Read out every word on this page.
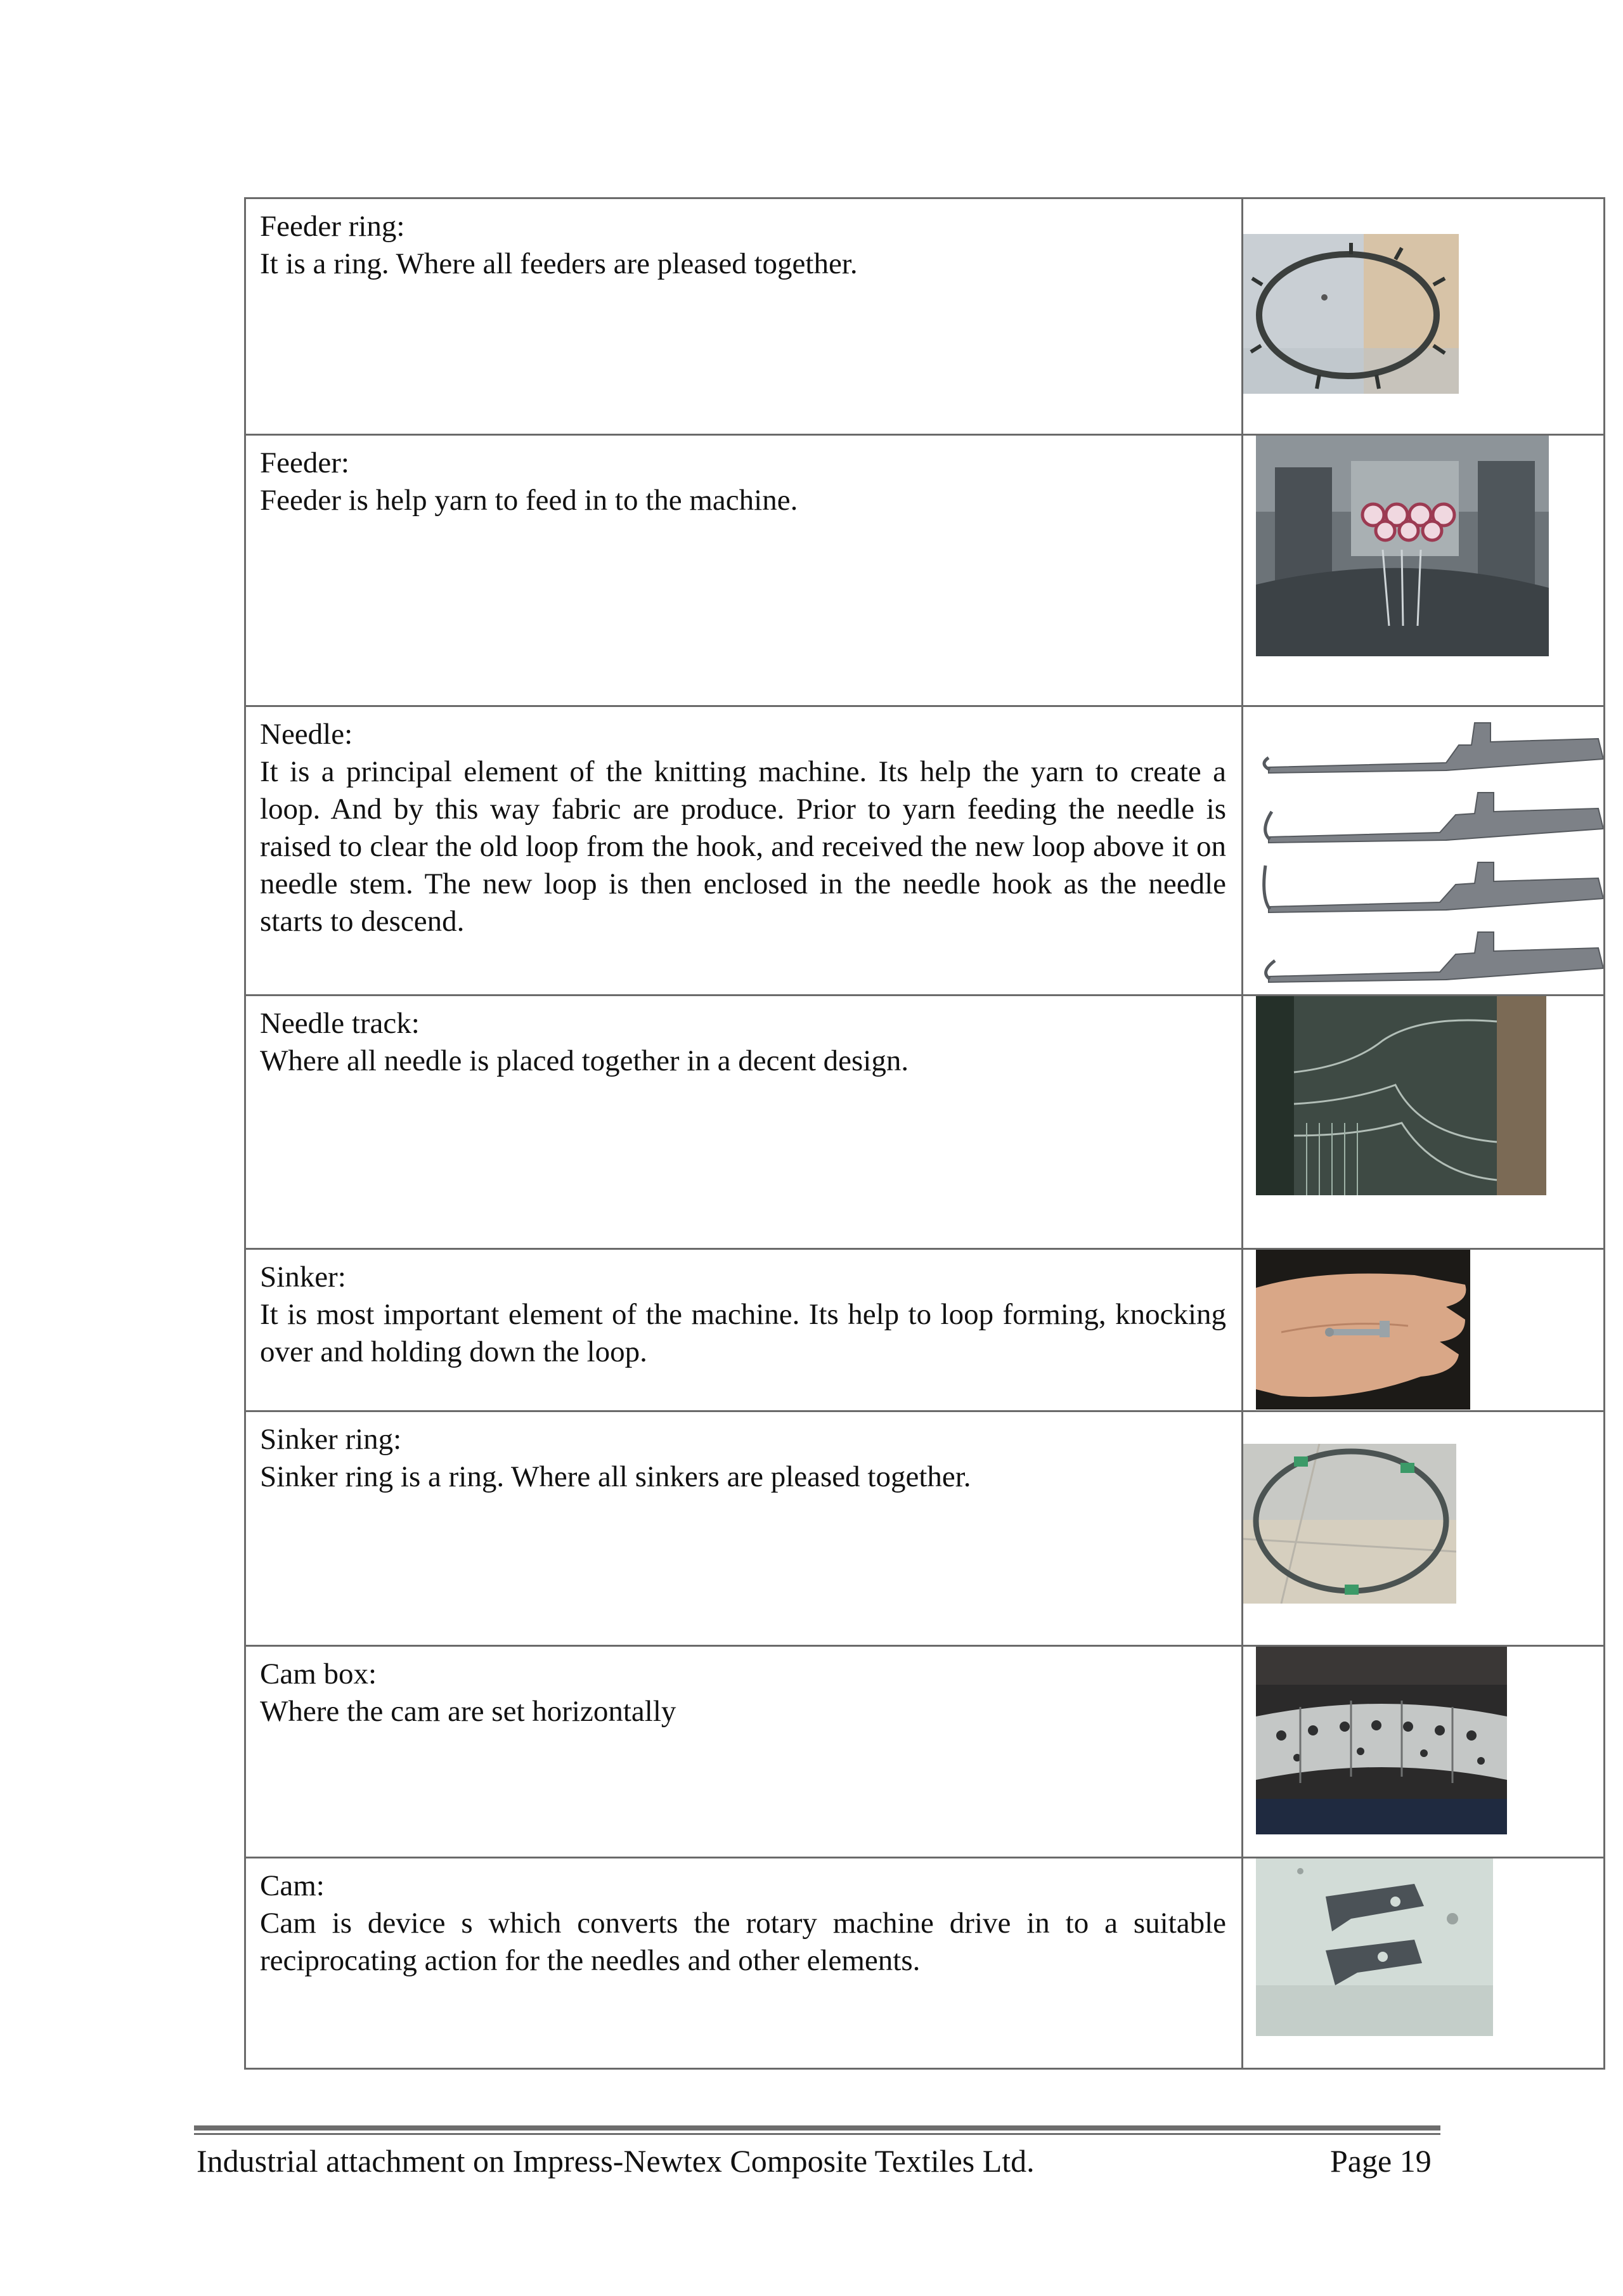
Feeder ring:
It is a ring. Where all feeders are pleased together.

Feeder:
Feeder is help yarn to feed in to the machine.

Needle:
It is a principal element of the knitting machine. Its help the yarn to create a loop. And by this way fabric are produce. Prior to yarn feeding the needle is raised to clear the old loop from the hook, and received the new loop above it on needle stem. The new loop is then enclosed in the needle hook as the needle starts to descend.

Needle track:
Where all needle is placed together in a decent design.

Sinker:
It is most important element of the machine. Its help to loop forming, knocking over and holding down the loop.

Sinker ring:
Sinker ring is a ring. Where all sinkers are pleased together.

Cam box:
Where the cam are set horizontally

Cam:
Cam is device s which converts the rotary machine drive in to a suitable reciprocating action for the needles and other elements.

Industrial attachment on Impress-Newtex Composite Textiles Ltd.	Page 19
